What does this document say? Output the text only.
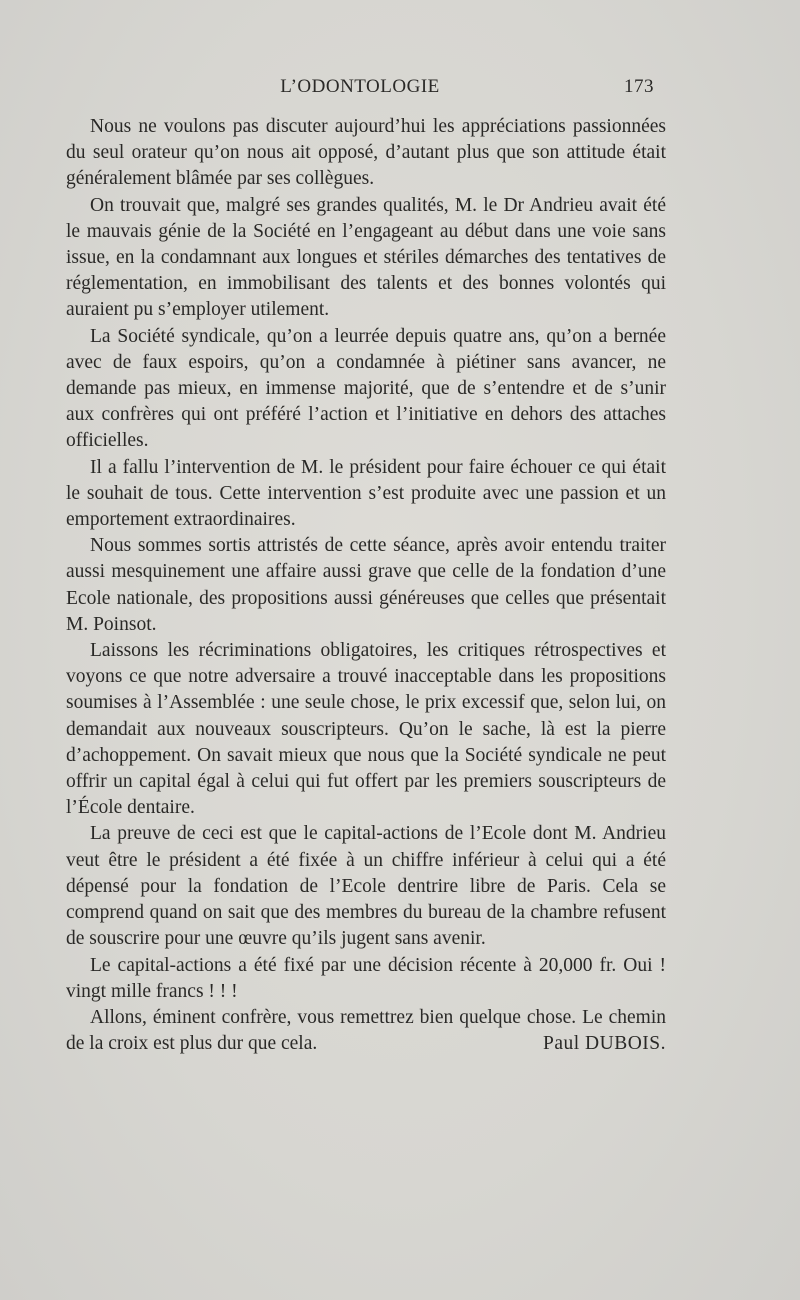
L’ODONTOLOGIE	173

Nous ne voulons pas discuter aujourd’hui les appréciations passionnées du seul orateur qu’on nous ait opposé, d’autant plus que son attitude était généralement blâmée par ses collègues.

On trouvait que, malgré ses grandes qualités, M. le Dr Andrieu avait été le mauvais génie de la Société en l’engageant au début dans une voie sans issue, en la condamnant aux longues et stériles démarches des tentatives de réglementation, en immobilisant des talents et des bonnes volontés qui auraient pu s’employer utilement.

La Société syndicale, qu’on a leurrée depuis quatre ans, qu’on a bernée avec de faux espoirs, qu’on a condamnée à piétiner sans avancer, ne demande pas mieux, en immense majorité, que de s’entendre et de s’unir aux confrères qui ont préféré l’action et l’initiative en dehors des attaches officielles.

Il a fallu l’intervention de M. le président pour faire échouer ce qui était le souhait de tous. Cette intervention s’est produite avec une passion et un emportement extraordinaires.

Nous sommes sortis attristés de cette séance, après avoir entendu traiter aussi mesquinement une affaire aussi grave que celle de la fondation d’une Ecole nationale, des propositions aussi généreuses que celles que présentait M. Poinsot.

Laissons les récriminations obligatoires, les critiques rétrospectives et voyons ce que notre adversaire a trouvé inacceptable dans les propositions soumises à l’Assemblée : une seule chose, le prix excessif que, selon lui, on demandait aux nouveaux souscripteurs. Qu’on le sache, là est la pierre d’achoppement. On savait mieux que nous que la Société syndicale ne peut offrir un capital égal à celui qui fut offert par les premiers souscripteurs de l’École dentaire.

La preuve de ceci est que le capital-actions de l’Ecole dont M. Andrieu veut être le président a été fixée à un chiffre inférieur à celui qui a été dépensé pour la fondation de l’Ecole dentrire libre de Paris. Cela se comprend quand on sait que des membres du bureau de la chambre refusent de souscrire pour une œuvre qu’ils jugent sans avenir.

Le capital-actions a été fixé par une décision récente à 20,000 fr. Oui ! vingt mille francs ! ! !

Allons, éminent confrère, vous remettrez bien quelque chose. Le chemin de la croix est plus dur que cela.	Paul DUBOIS.
